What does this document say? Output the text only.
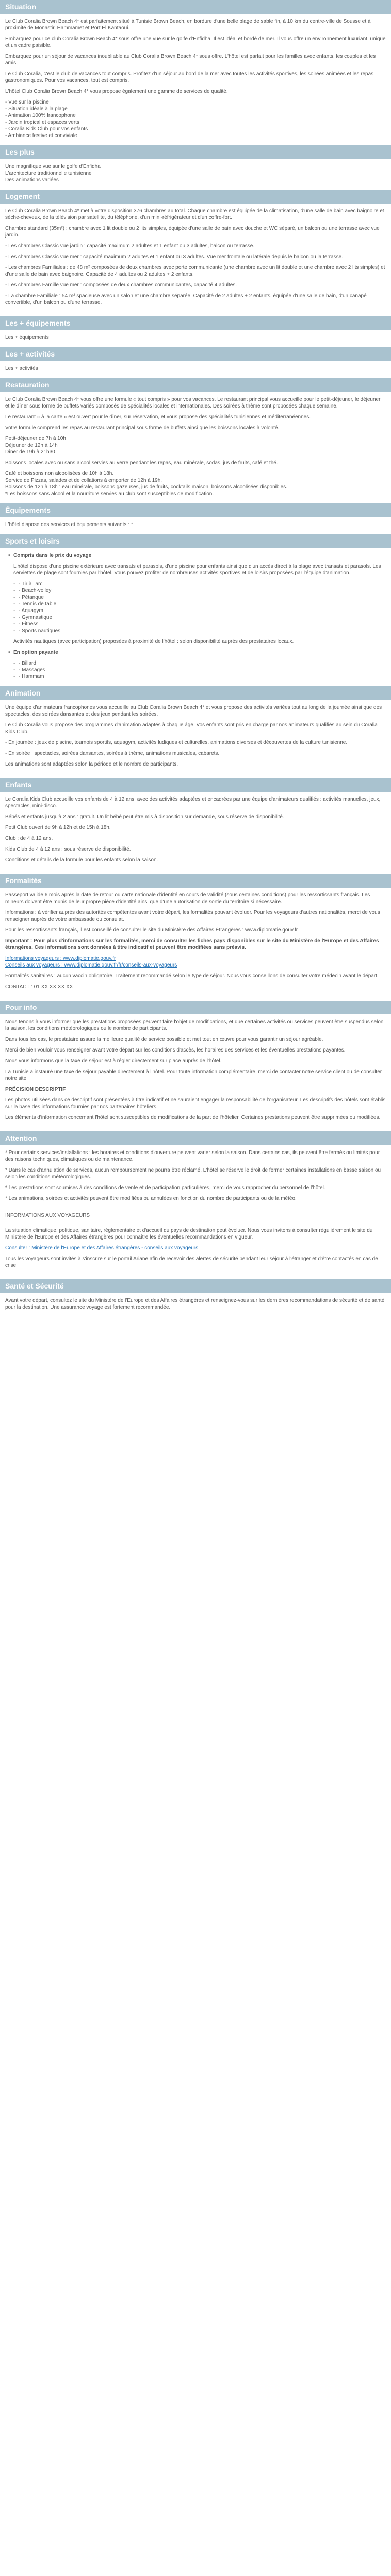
Situation

Le Club Coralia Brown Beach 4* est parfaitement situé à Tunisie Brown Beach, en bordure d'une belle plage de sable fin, à 10 km du centre-ville de Sousse et à proximité de Monastir, Hammamet et Port El Kantaoui.

Embarquez pour ce club Coralia Brown Beach 4* sous offre une vue sur le golfe d'Enfidha. Il est idéal et bordé de mer. Il vous offre un environnement luxuriant, unique et un cadre paisible.

Embarquez pour un séjour de vacances inoubliable au Club Coralia Brown Beach 4* sous offre. L'hôtel est parfait pour les familles avec enfants, les couples et les amis.

Le Club Coralia, c'est le club de vacances tout compris. Profitez d'un séjour au bord de la mer avec toutes les activités sportives, les soirées animées et les repas gastronomiques. Pour vos vacances, tout est compris.

L'hôtel Club Coralia Brown Beach 4* vous propose également une gamme de services de qualité.

- Vue sur la piscine
- Situation idéale à la plage
- Animation 100% francophone
- Jardin tropical et espaces verts
- Coralia Kids Club pour vos enfants
- Ambiance festive et conviviale
Les plus
Une magnifique vue sur le golfe d'Enfidha
L'architecture traditionnelle tunisienne
Des animations variées
Logement

Le Club Coralia Brown Beach 4* met à votre disposition 376 chambres au total. Chaque chambre est équipée de la climatisation, d'une salle de bain avec baignoire et sèche-cheveux, de la télévision par satellite, du téléphone, d'un mini-réfrigérateur et d'un coffre-fort.

Chambre standard (35m²) : chambre avec 1 lit double ou 2 lits simples, équipée d'une salle de bain avec douche et WC séparé, un balcon ou une terrasse avec vue jardin.

- Les chambres Classic vue jardin : capacité maximum 2 adultes et 1 enfant ou 3 adultes, balcon ou terrasse.

- Les chambres Classic vue mer : capacité maximum 2 adultes et 1 enfant ou 3 adultes. Vue mer frontale ou latérale depuis le balcon ou la terrasse.

- Les chambres Familiales : de 48 m² composées de deux chambres avec porte communicante (une chambre avec un lit double et une chambre avec 2 lits simples) et d'une salle de bain avec baignoire. Capacité de 4 adultes ou 2 adultes + 2 enfants.

- Les chambres Famille vue mer : composées de deux chambres communicantes, capacité 4 adultes.

- La chambre Familiale : 54 m² spacieuse avec un salon et une chambre séparée. Capacité de 2 adultes + 2 enfants, équipée d'une salle de bain, d'un canapé convertible, d'un balcon ou d'une terrasse.

Les + équipements
Les + équipements
Les + activités
Les + activités
Restauration

Le Club Coralia Brown Beach 4* vous offre une formule « tout compris » pour vos vacances. Le restaurant principal vous accueille pour le petit-déjeuner, le déjeuner et le dîner sous forme de buffets variés composés de spécialités locales et internationales. Des soirées à thème sont proposées chaque semaine.

Le restaurant « à la carte » est ouvert pour le dîner, sur réservation, et vous propose des spécialités tunisiennes et méditerranéennes.

Votre formule comprend les repas au restaurant principal sous forme de buffets ainsi que les boissons locales à volonté.

Petit-déjeuner de 7h à 10h
Déjeuner de 12h à 14h
Dîner de 19h à 21h30

Boissons locales avec ou sans alcool servies au verre pendant les repas, eau minérale, sodas, jus de fruits, café et thé.

Café et boissons non alcoolisées de 10h à 18h.
Service de Pizzas, salades et de collations à emporter de 12h à 19h.
Boissons de 12h à 18h : eau minérale, boissons gazeuses, jus de fruits, cocktails maison, boissons alcoolisées disponibles.
*Les boissons sans alcool et la nourriture servies au club sont susceptibles de modification.
Équipements
L'hôtel dispose des services et équipements suivants : *
Sports et loisirs
• Compris dans le prix du voyage

L'hôtel dispose d'une piscine extérieure avec transats et parasols, d'une piscine pour enfants ainsi que d'un accès direct à la plage avec transats et parasols. Les serviettes de plage sont fournies par l'hôtel. Vous pouvez profiter de nombreuses activités sportives et de loisirs proposées par l'équipe d'animation.

- - Tir à l'arc
- - Beach-volley
- - Pétanque
- - Tennis de table
- - Aquagym
- - Gymnastique
- - Fitness
- - Sports nautiques

Activités nautiques (avec participation) proposées à proximité de l'hôtel : selon disponibilité auprès des prestataires locaux.

• En option payante
- - Billard
- - Massages
- - Hammam
Animation

Une équipe d'animateurs francophones vous accueille au Club Coralia Brown Beach 4* et vous propose des activités variées tout au long de la journée ainsi que des spectacles, des soirées dansantes et des jeux pendant les soirées.

Le Club Coralia vous propose des programmes d'animation adaptés à chaque âge. Vos enfants sont pris en charge par nos animateurs qualifiés au sein du Coralia Kids Club.

- En journée : jeux de piscine, tournois sportifs, aquagym, activités ludiques et culturelles, animations diverses et découvertes de la culture tunisienne.

- En soirée : spectacles, soirées dansantes, soirées à thème, animations musicales, cabarets.

Les animations sont adaptées selon la période et le nombre de participants.

Enfants

Le Coralia Kids Club accueille vos enfants de 4 à 12 ans, avec des activités adaptées et encadrées par une équipe d'animateurs qualifiés : activités manuelles, jeux, spectacles, mini-disco.

Bébés et enfants jusqu'à 2 ans : gratuit. Un lit bébé peut être mis à disposition sur demande, sous réserve de disponibilité.

Petit Club ouvert de 9h à 12h et de 15h à 18h.

Club : de 4 à 12 ans.

Kids Club de 4 à 12 ans : sous réserve de disponibilité.

Conditions et détails de la formule pour les enfants selon la saison.

Formalités

Passeport valide 6 mois après la date de retour ou carte nationale d'identité en cours de validité (sous certaines conditions) pour les ressortissants français. Les mineurs doivent être munis de leur propre pièce d'identité ainsi que d'une autorisation de sortie du territoire si nécessaire.

Informations : à vérifier auprès des autorités compétentes avant votre départ, les formalités pouvant évoluer. Pour les voyageurs d'autres nationalités, merci de vous renseigner auprès de votre ambassade ou consulat.

Pour les ressortissants français, il est conseillé de consulter le site du Ministère des Affaires Étrangères : www.diplomatie.gouv.fr

Important : Pour plus d'informations sur les formalités, merci de consulter les fiches pays disponibles sur le site du Ministère de l'Europe et des Affaires étrangères. Ces informations sont données à titre indicatif et peuvent être modifiées sans préavis.

Informations voyageurs : www.diplomatie.gouv.fr
Conseils aux voyageurs : www.diplomatie.gouv.fr/fr/conseils-aux-voyageurs

Formalités sanitaires : aucun vaccin obligatoire. Traitement recommandé selon le type de séjour. Nous vous conseillons de consulter votre médecin avant le départ.

CONTACT : 01 XX XX XX XX

Pour info

Nous tenons à vous informer que les prestations proposées peuvent faire l'objet de modifications, et que certaines activités ou services peuvent être suspendus selon la saison, les conditions météorologiques ou le nombre de participants.

Dans tous les cas, le prestataire assure la meilleure qualité de service possible et met tout en œuvre pour vous garantir un séjour agréable.

Merci de bien vouloir vous renseigner avant votre départ sur les conditions d'accès, les horaires des services et les éventuelles prestations payantes.

Nous vous informons que la taxe de séjour est à régler directement sur place auprès de l'hôtel.

La Tunisie a instauré une taxe de séjour payable directement à l'hôtel. Pour toute information complémentaire, merci de contacter notre service client ou de consulter notre site.

PRÉCISION DESCRIPTIF

Les photos utilisées dans ce descriptif sont présentées à titre indicatif et ne sauraient engager la responsabilité de l'organisateur. Les descriptifs des hôtels sont établis sur la base des informations fournies par nos partenaires hôteliers.

Les éléments d'information concernant l'hôtel sont susceptibles de modifications de la part de l'hôtelier. Certaines prestations peuvent être supprimées ou modifiées.

Attention

* Pour certains services/installations : les horaires et conditions d'ouverture peuvent varier selon la saison. Dans certains cas, ils peuvent être fermés ou limités pour des raisons techniques, climatiques ou de maintenance.

* Dans le cas d'annulation de services, aucun remboursement ne pourra être réclamé. L'hôtel se réserve le droit de fermer certaines installations en basse saison ou selon les conditions météorologiques.

* Les prestations sont soumises à des conditions de vente et de participation particulières, merci de vous rapprocher du personnel de l'hôtel.

* Les animations, soirées et activités peuvent être modifiées ou annulées en fonction du nombre de participants ou de la météo.

INFORMATIONS AUX VOYAGEURS

La situation climatique, politique, sanitaire, réglementaire et d'accueil du pays de destination peut évoluer. Nous vous invitons à consulter régulièrement le site du Ministère de l'Europe et des Affaires étrangères pour connaître les éventuelles recommandations en vigueur.

Consulter : Ministère de l'Europe et des Affaires étrangères - conseils aux voyageurs

Tous les voyageurs sont invités à s'inscrire sur le portail Ariane afin de recevoir des alertes de sécurité pendant leur séjour à l'étranger et d'être contactés en cas de crise.

Santé et Sécurité

Avant votre départ, consultez le site du Ministère de l'Europe et des Affaires étrangères et renseignez-vous sur les dernières recommandations de sécurité et de santé pour la destination. Une assurance voyage est fortement recommandée.
